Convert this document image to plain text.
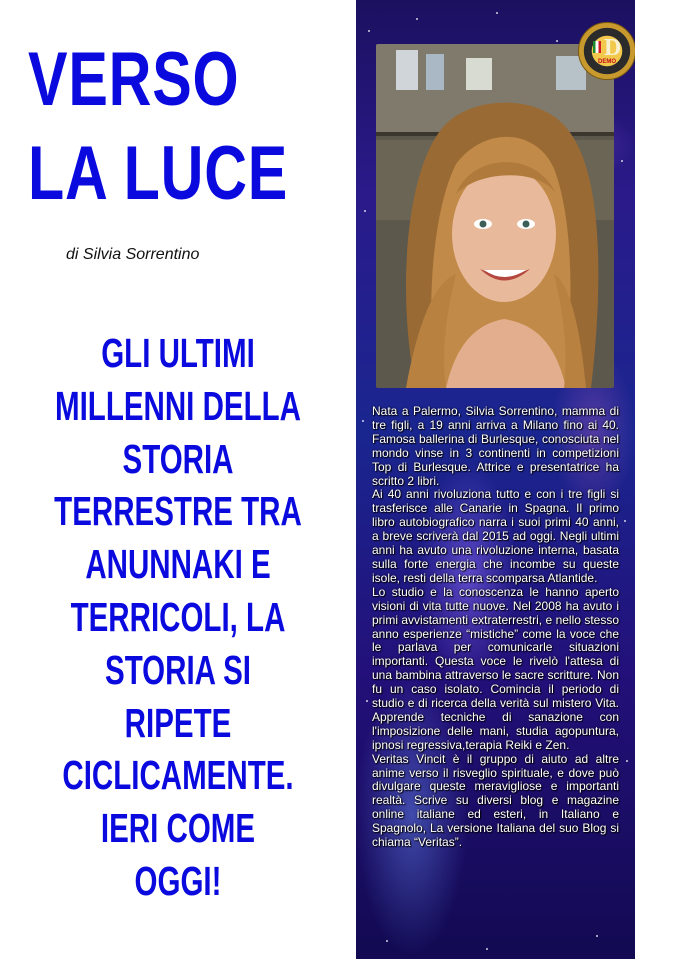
VERSO
LA LUCE
di Silvia Sorrentino
GLI ULTIMI
MILLENNI DELLA
STORIA
TERRESTRE TRA
ANUNNAKI E
TERRICOLI, LA
STORIA SI
RIPETE
CICLICAMENTE.
IERI COME
OGGI!
D
DEMO

Nata a Palermo, Silvia Sorrentino, mamma di tre figli, a 19 anni arriva a Milano fino ai 40. Famosa ballerina di Burlesque, conosciuta nel mondo vinse in 3 continenti in competizioni Top di Burlesque. Attrice e presentatrice ha scritto 2 libri.

Ai 40 anni rivoluziona tutto e con i tre figli si trasferisce alle Canarie in Spagna. Il primo libro autobiografico narra i suoi primi 40 anni, a breve scriverà dal 2015 ad oggi. Negli ultimi anni ha avuto una rivoluzione interna, basata sulla forte energia che incombe su queste isole, resti della terra scomparsa Atlantide.

Lo studio e la conoscenza le hanno aperto visioni di vita tutte nuove. Nel 2008 ha avuto i primi avvistamenti extraterrestri, e nello stesso anno esperienze “mistiche” come la voce che le parlava per comunicarle situazioni importanti. Questa voce le rivelò l'attesa di una bambina attraverso le sacre scritture. Non fu un caso isolato. Comincia il periodo di studio e di ricerca della verità sul mistero Vita. Apprende tecniche di sanazione con l'imposizione delle mani, studia agopuntura, ipnosi regressiva,terapia Reiki e Zen.

Veritas Vincit è il gruppo di aiuto ad altre anime verso il risveglio spirituale, e dove può divulgare queste meravigliose e importanti realtà. Scrive su diversi blog e magazine online italiane ed esteri, in Italiano e Spagnolo, La versione Italiana del suo Blog si chiama “Veritas”.
